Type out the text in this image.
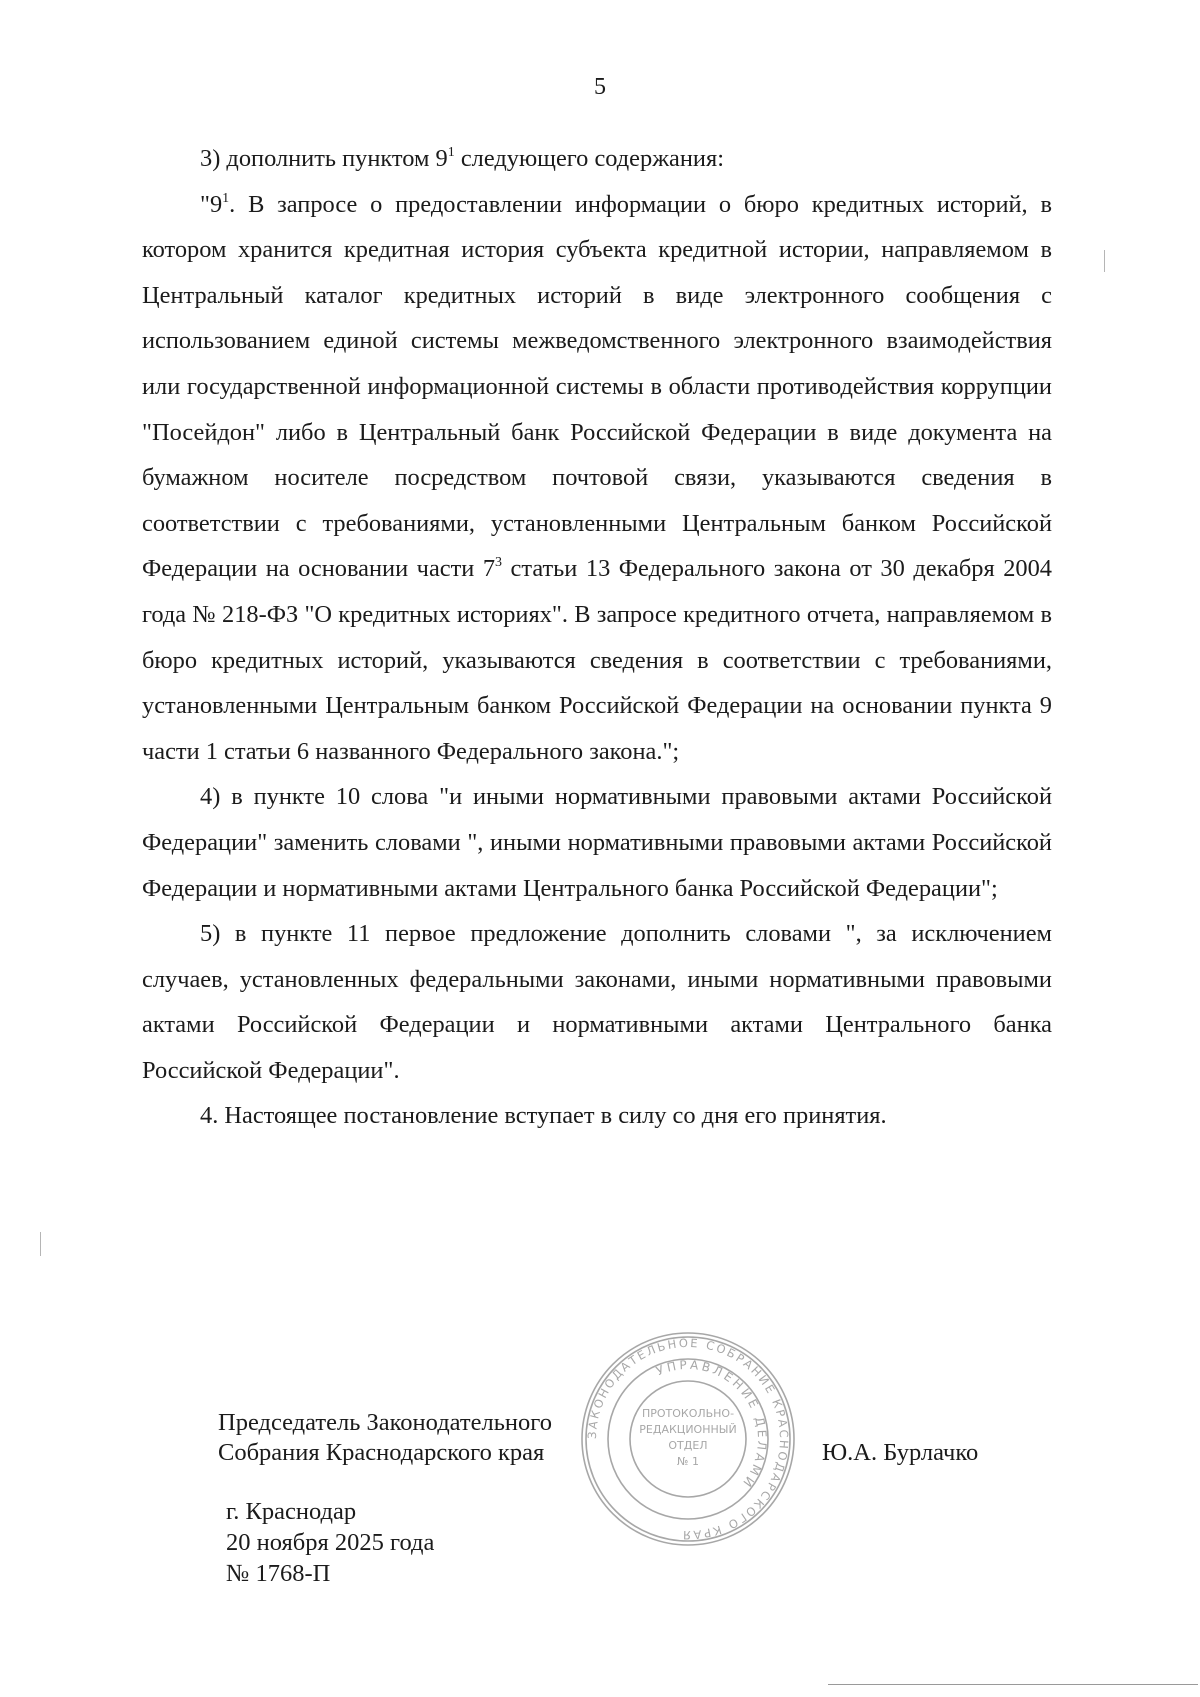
5

3) дополнить пунктом $9^1$ следующего содержания:

"$9^1$. В запросе о предоставлении информации о бюро кредитных историй, в котором хранится кредитная история субъекта кредитной истории, направляемом в Центральный каталог кредитных историй в виде электронного сообщения с использованием единой системы межведомственного электронного взаимодействия или государственной информационной системы в области противодействия коррупции "Посейдон" либо в Центральный банк Российской Федерации в виде документа на бумажном носителе посредством почтовой связи, указываются сведения в соответствии с требованиями, установленными Центральным банком Российской Федерации на основании части $7^3$ статьи 13 Федерального закона от 30 декабря 2004 года № 218-ФЗ "О кредитных историях". В запросе кредитного отчета, направляемом в бюро кредитных историй, указываются сведения в соответствии с требованиями, установленными Центральным банком Российской Федерации на основании пункта 9 части 1 статьи 6 названного Федерального закона.";

4) в пункте 10 слова "и иными нормативными правовыми актами Российской Федерации" заменить словами ", иными нормативными правовыми актами Российской Федерации и нормативными актами Центрального банка Российской Федерации";

5) в пункте 11 первое предложение дополнить словами ", за исключением случаев, установленных федеральными законами, иными нормативными правовыми актами Российской Федерации и нормативными актами Центрального банка Российской Федерации".

4. Настоящее постановление вступает в силу со дня его принятия.

Председатель Законодательного
Собрания Краснодарского края	Ю.А. Бурлачко
г. Краснодар
20 ноября 2025 года
№ 1768-П
ЗАКОНОДАТЕЛЬНОЕ СОБРАНИЕ КРАСНОДАРСКОГО КРАЯ
УПРАВЛЕНИЕ ДЕЛАМИ
ПРОТОКОЛЬНО-
РЕДАКЦИОННЫЙ
ОТДЕЛ
№ 1
